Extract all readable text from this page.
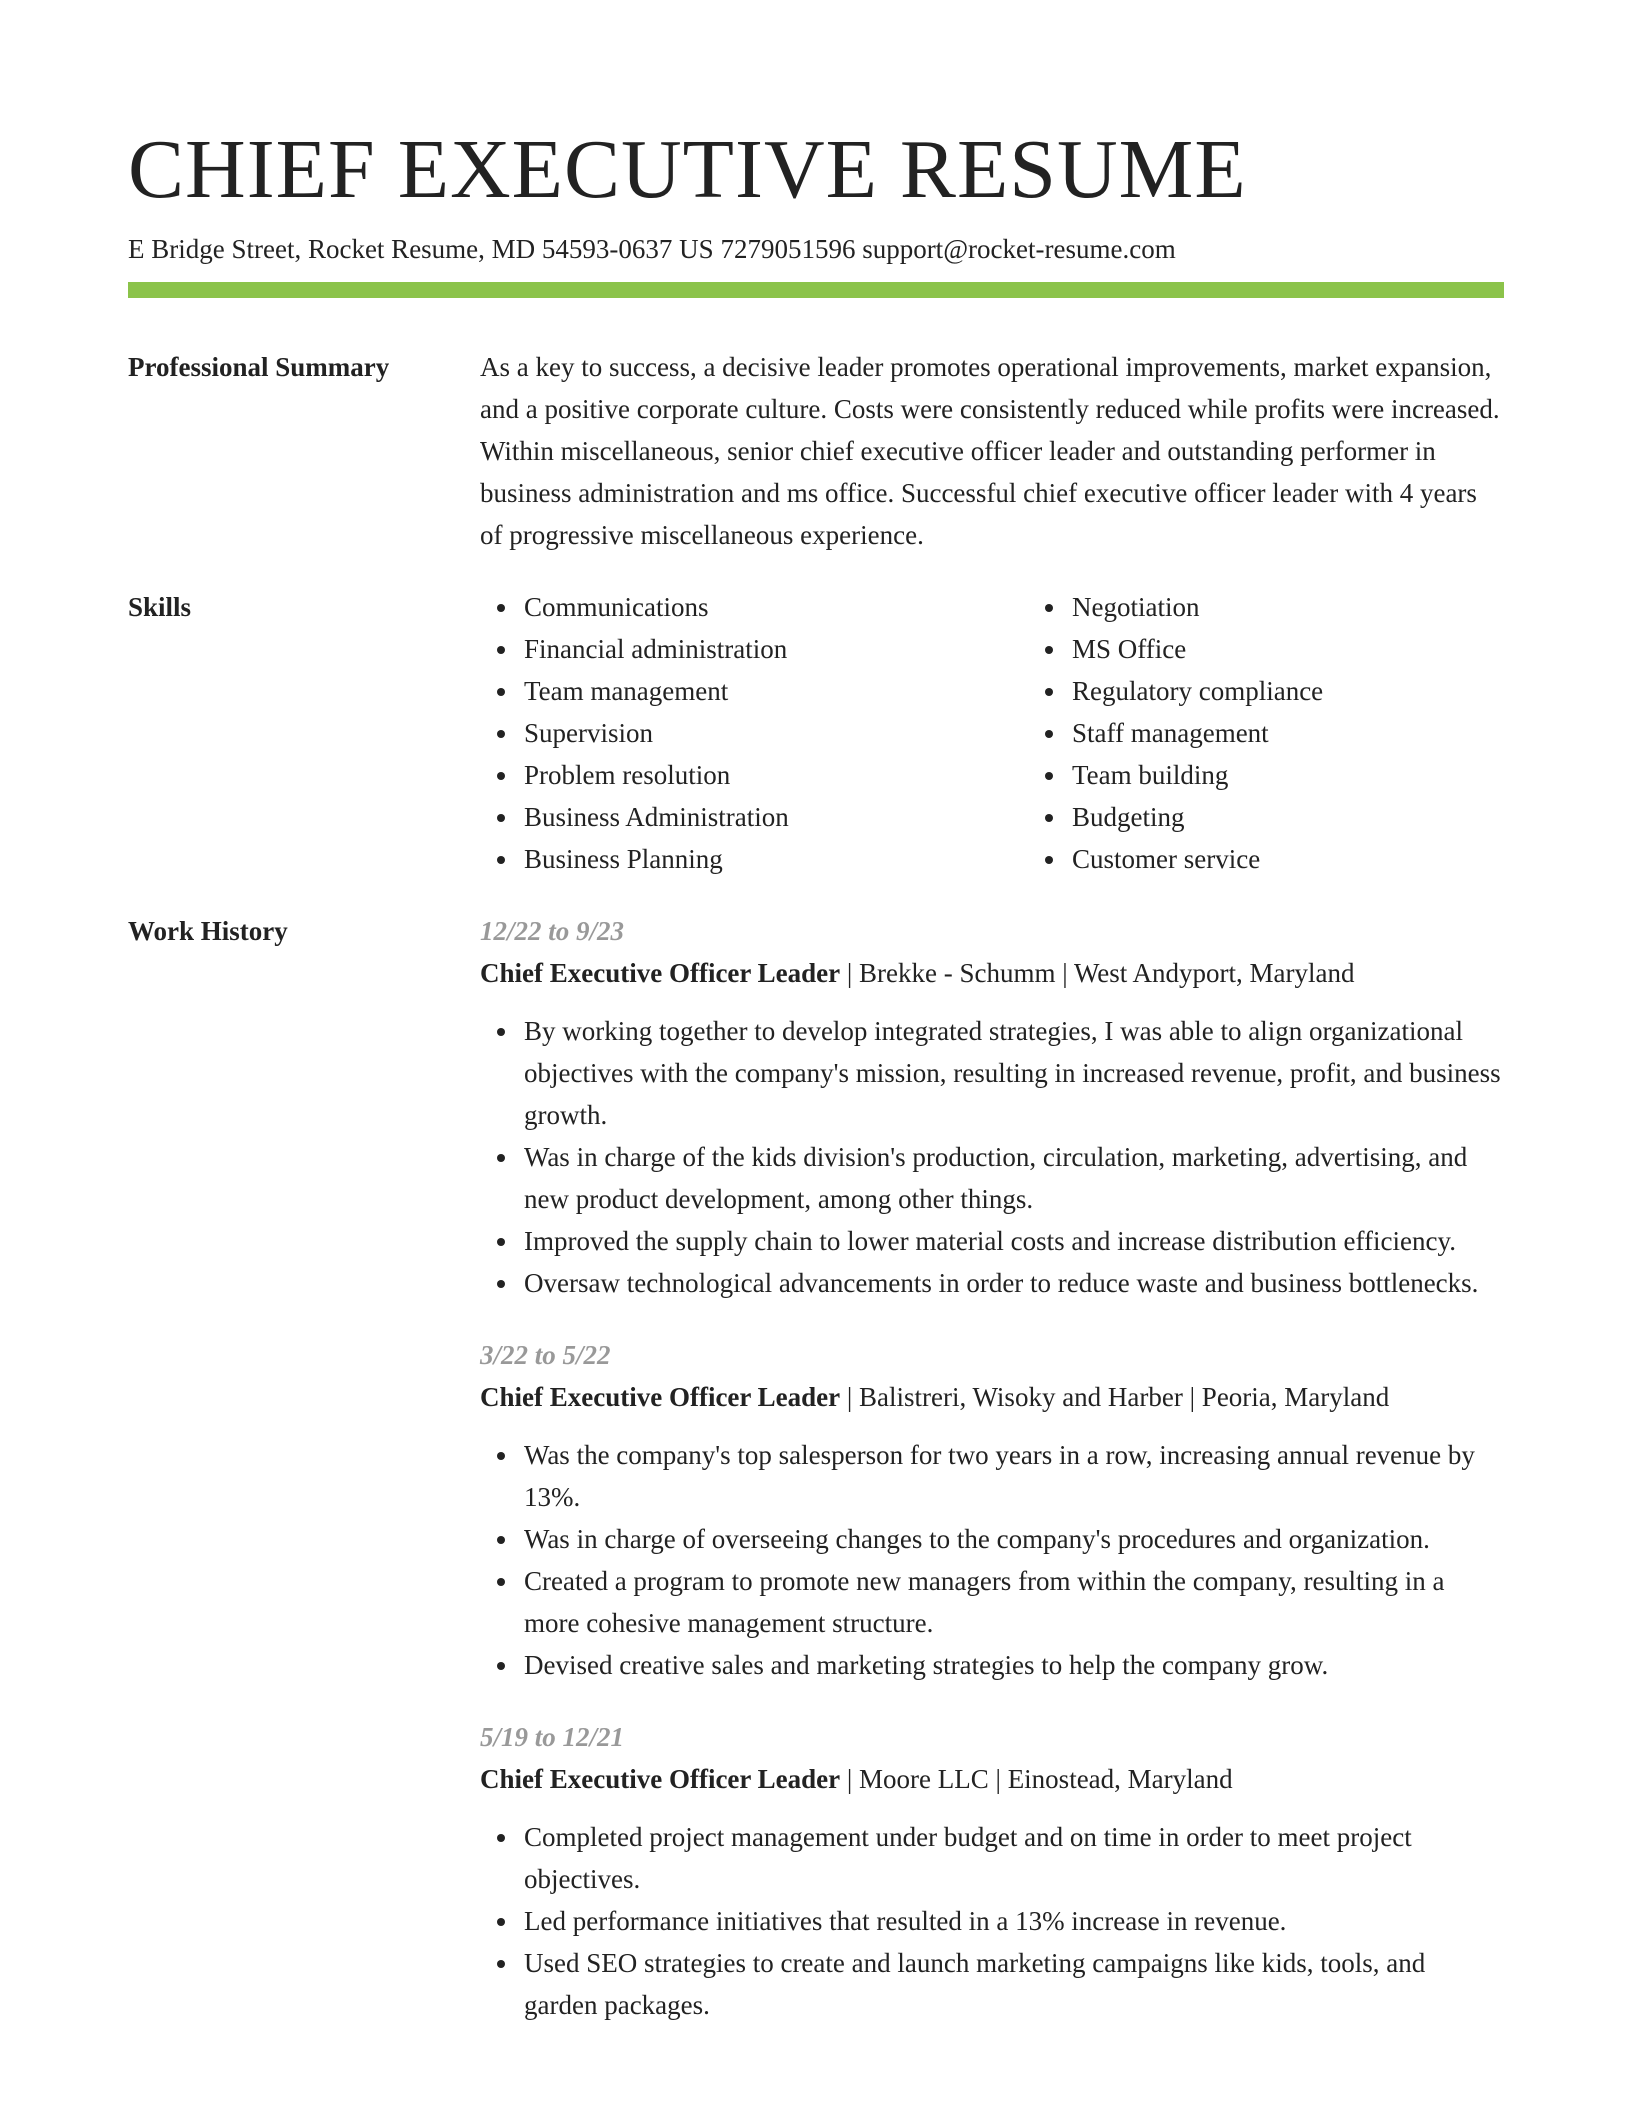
CHIEF EXECUTIVE RESUME
E Bridge Street, Rocket Resume, MD 54593-0637 US 7279051596 support@rocket-resume.com
Professional Summary	As a key to success, a decisive leader promotes operational improvements, market expansion, and a positive corporate culture. Costs were consistently reduced while profits were increased. Within miscellaneous, senior chief executive officer leader and outstanding performer in business administration and ms office. Successful chief executive officer leader with 4 years of progressive miscellaneous experience.

Skills	Communications
Financial administration
Team management
Supervision
Problem resolution
Business Administration
Business Planning
Negotiation
MS Office
Regulatory compliance
Staff management
Team building
Budgeting
Customer service
Work History	12/22 to 9/23
Chief Executive Officer Leader | Brekke - Schumm | West Andyport, Maryland
By working together to develop integrated strategies, I was able to align organizational objectives with the company's mission, resulting in increased revenue, profit, and business growth.
Was in charge of the kids division's production, circulation, marketing, advertising, and new product development, among other things.
Improved the supply chain to lower material costs and increase distribution efficiency.
Oversaw technological advancements in order to reduce waste and business bottlenecks.
3/22 to 5/22
Chief Executive Officer Leader | Balistreri, Wisoky and Harber | Peoria, Maryland
Was the company's top salesperson for two years in a row, increasing annual revenue by 13%.
Was in charge of overseeing changes to the company's procedures and organization.
Created a program to promote new managers from within the company, resulting in a more cohesive management structure.
Devised creative sales and marketing strategies to help the company grow.
5/19 to 12/21
Chief Executive Officer Leader | Moore LLC | Einostead, Maryland
Completed project management under budget and on time in order to meet project objectives.
Led performance initiatives that resulted in a 13% increase in revenue.
Used SEO strategies to create and launch marketing campaigns like kids, tools, and garden packages.
